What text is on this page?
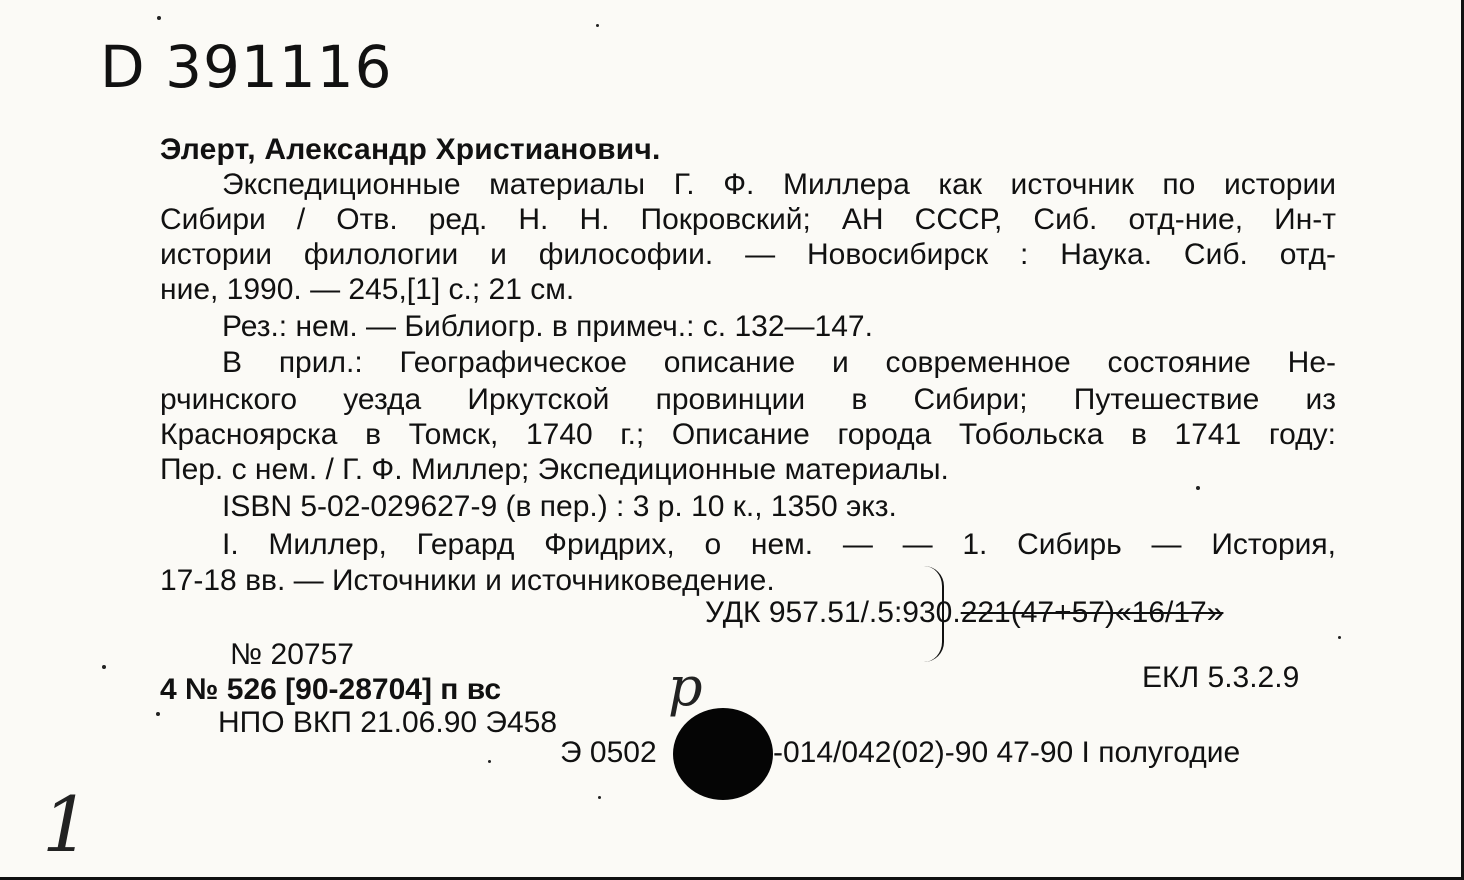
D 391116
Элерт, Александр Христианович.
Экспедиционные материалы Г. Ф. Миллера как источник по истории
Сибири / Отв. ред. Н. Н. Покровский; АН СССР, Сиб. отд-ние, Ин-т
истории филологии и философии. — Новосибирск : Наука. Сиб. отд-
ние, 1990. — 245,[1] с.; 21 см.
Рез.: нем. — Библиогр. в примеч.: с. 132—147.
В прил.: Географическое описание и современное состояние Не-
рчинского уезда Иркутской провинции в Сибири; Путешествие из
Красноярска в Томск, 1740 г.; Описание города Тобольска в 1741 году:
Пер. с нем. / Г. Ф. Миллер; Экспедиционные материалы.
ISBN 5-02-029627-9 (в пер.) : 3 р. 10 к., 1350 экз.
I. Миллер, Герард Фридрих, о нем. — — 1. Сибирь — История,
17-18 вв. — Источники и источниковедение.
УДК 957.51/.5:930.221(47+57)«16/17»
№ 20757
4 № 526 [90-28704] п вс	р	ЕКЛ 5.3.2.9
НПО ВКП 21.06.90 Э458
Э 0502	-014/042(02)-90 47-90 I полугодие
1
